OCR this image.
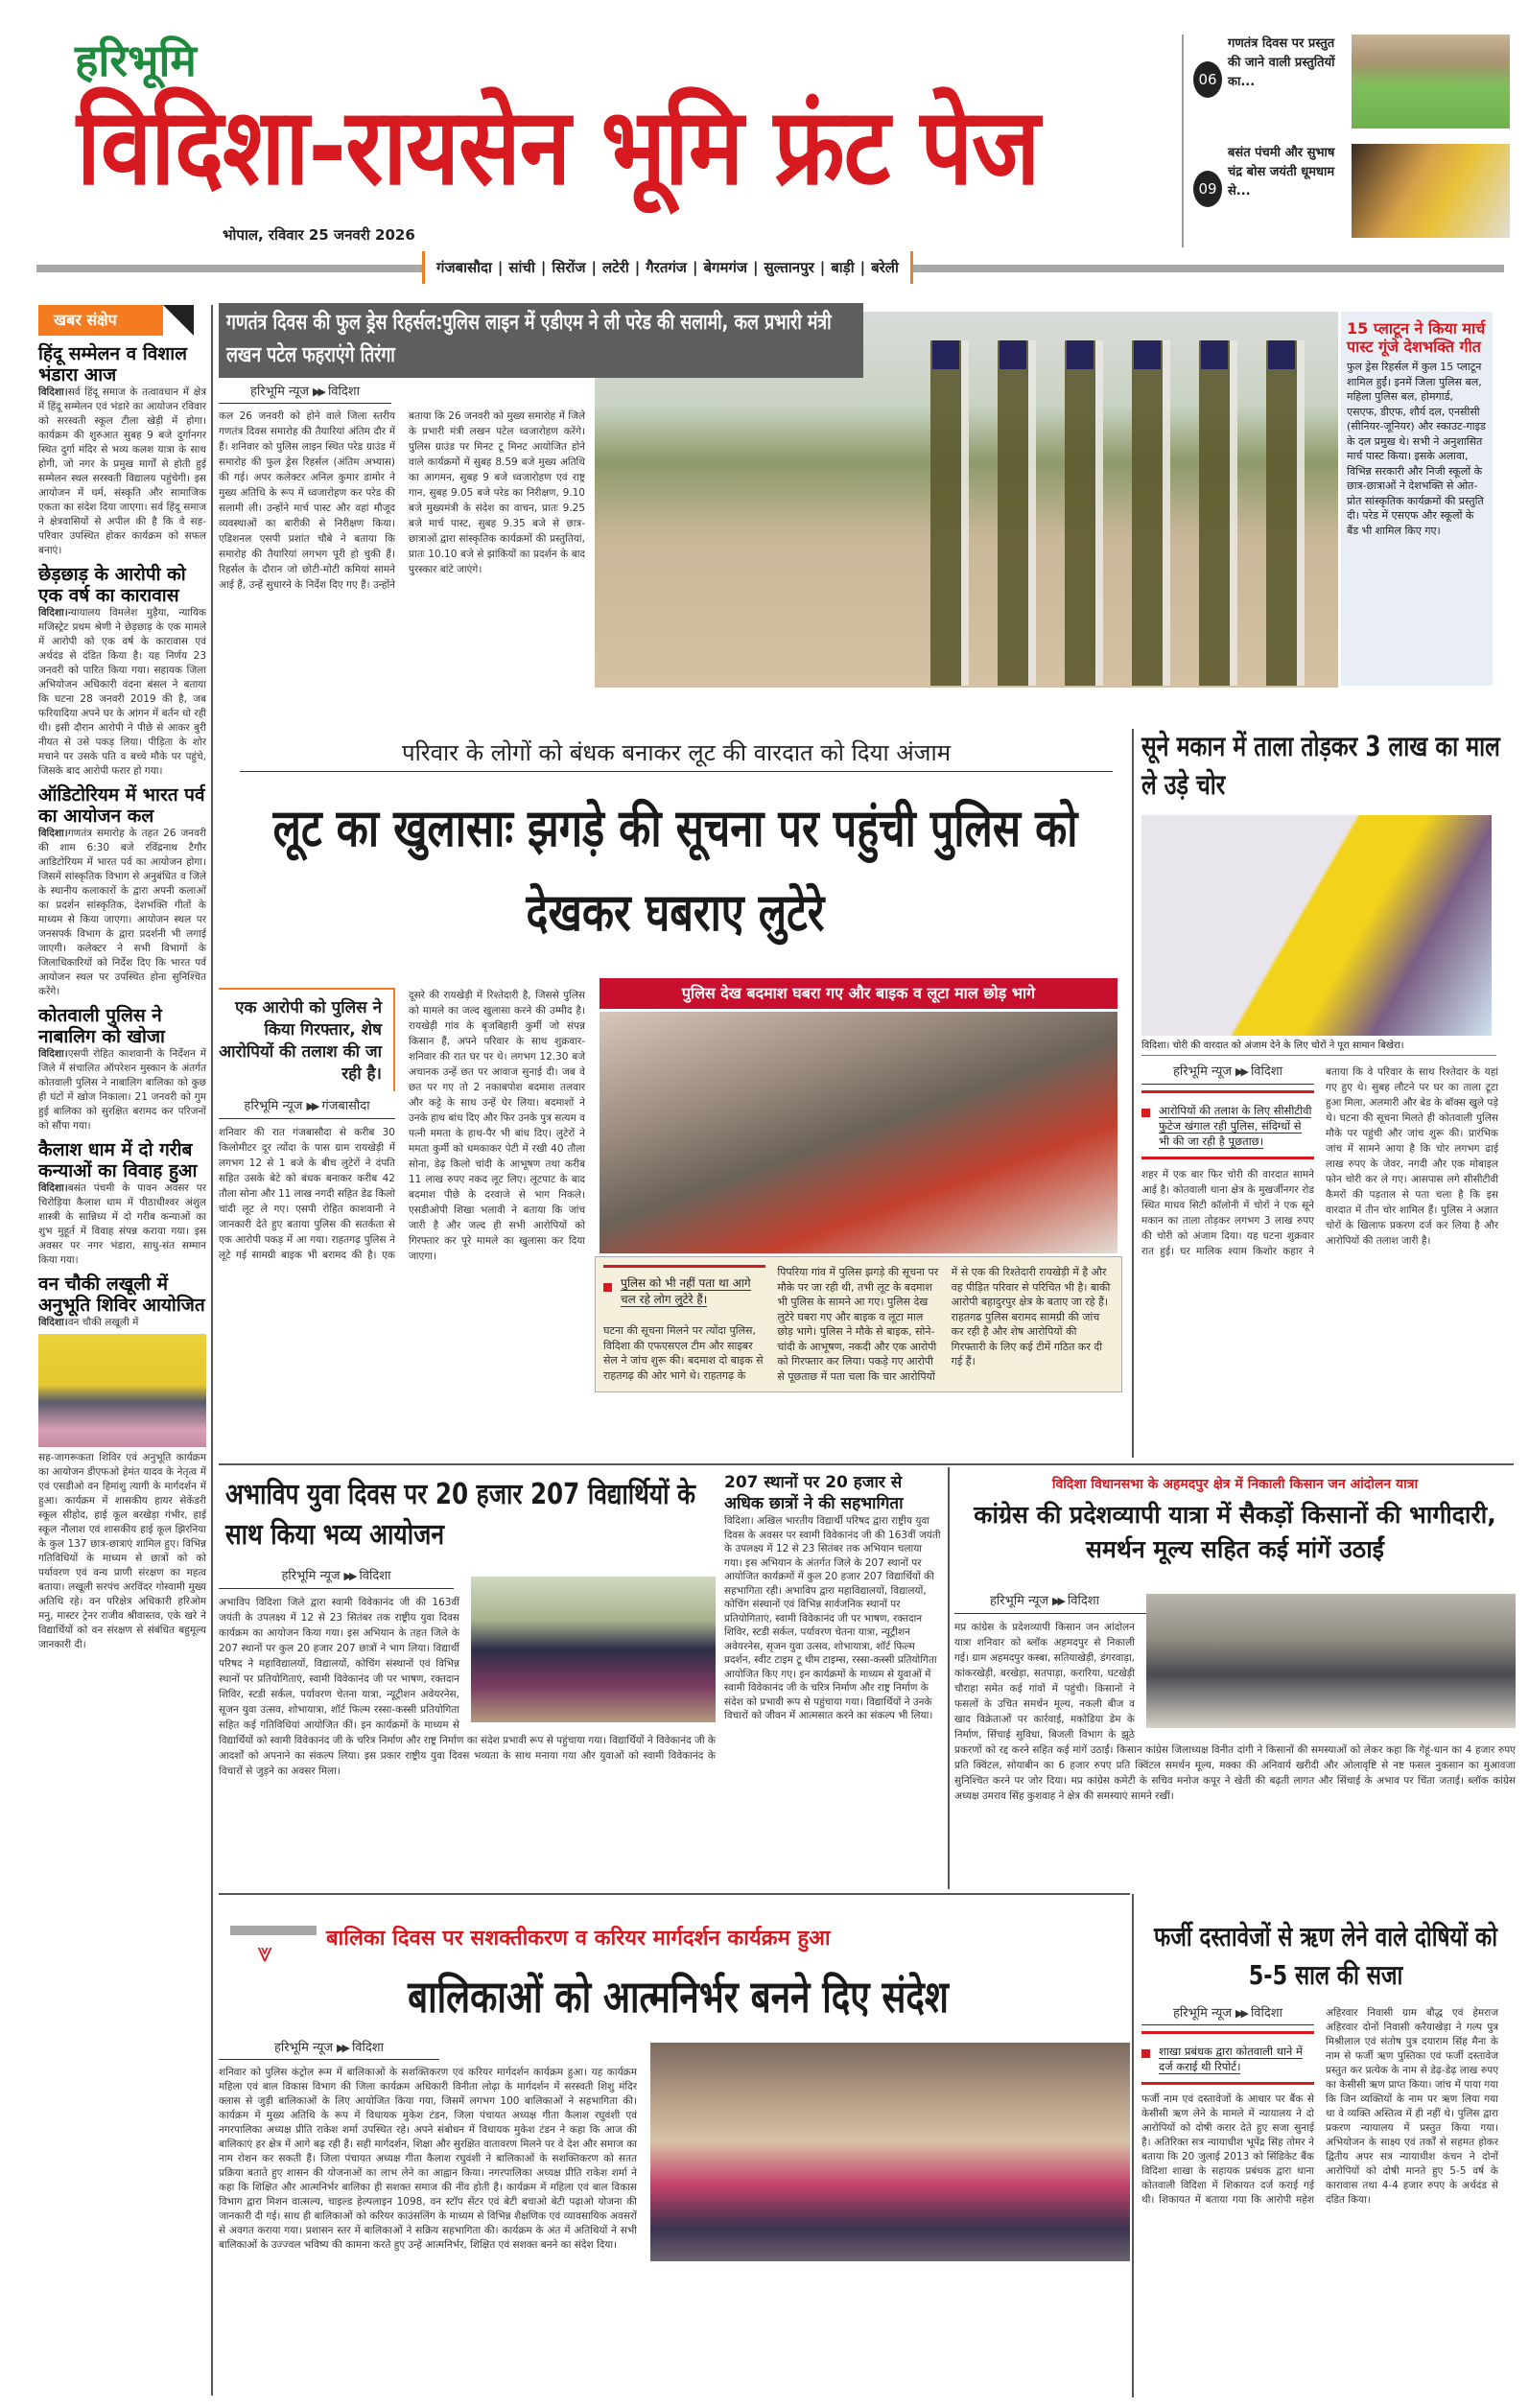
हरिभूमि
विदिशा-रायसेन भूमि फ्रंट पेज
भोपाल, रविवार 25 जनवरी 2026
गंजबासौदा | सांची | सिरोंज | लटेरी | गैरतगंज | बेगमगंज | सुल्तानपुर | बाड़ी | बरेली
06
गणतंत्र दिवस पर प्रस्तुत की जाने वाली प्रस्तुतियों का...
09
बसंत पंचमी और सुभाष चंद्र बोस जयंती धूमधाम से...
खबर संक्षेप
हिंदू सम्मेलन व विशाल भंडारा आज

विदिशा।सर्व हिंदू समाज के तत्वावधान में क्षेत्र में हिंदू सम्मेलन एवं भंडारे का आयोजन रविवार को सरस्वती स्कूल टीला खेड़ी में होगा। कार्यक्रम की शुरुआत सुबह 9 बजे दुर्गानगर स्थित दुर्गा मंदिर से भव्य कलश यात्रा के साथ होगी, जो नगर के प्रमुख मार्गों से होती हुई सम्मेलन स्थल सरस्वती विद्यालय पहुंचेगी। इस आयोजन में धर्म, संस्कृति और सामाजिक एकता का संदेश दिया जाएगा। सर्व हिंदू समाज ने क्षेत्रवासियों से अपील की है कि वे सह-परिवार उपस्थित होकर कार्यक्रम को सफल बनाएं।

छेड़छाड़ के आरोपी को एक वर्ष का कारावास

विदिशा।न्यायालय विमलेश मुड़ैया, न्यायिक मजिस्ट्रेट प्रथम श्रेणी ने छेड़छाड़ के एक मामले में आरोपी को एक वर्ष के कारावास एवं अर्थदंड से दंडित किया है। यह निर्णय 23 जनवरी को पारित किया गया। सहायक जिला अभियोजन अधिकारी वंदना बंसल ने बताया कि घटना 28 जनवरी 2019 की है, जब फरियादिया अपने घर के आंगन में बर्तन धो रही थी। इसी दौरान आरोपी ने पीछे से आकर बुरी नीयत से उसे पकड़ लिया। पीड़िता के शोर मचाने पर उसके पति व बच्चे मौके पर पहुंचे, जिसके बाद आरोपी फरार हो गया।

ऑडिटोरियम में भारत पर्व का आयोजन कल

विदिशा।गणतंत्र समारोह के तहत 26 जनवरी की शाम 6:30 बजे रविंद्रनाथ टैगौर आडिटोरियम में भारत पर्व का आयोजन होगा। जिसमें सांस्कृतिक विभाग से अनुबंधित व जिले के स्थानीय कलाकारों के द्वारा अपनी कलाओं का प्रदर्शन सांस्कृतिक, देशभक्ति गीतों के माध्यम से किया जाएगा। आयोजन स्थल पर जनसपर्क विभाग के द्वारा प्रदर्शनी भी लगाई जाएगी। कलेक्टर ने सभी विभागों के जिलाधिकारियों को निर्देश दिए कि भारत पर्व आयोजन स्थल पर उपस्थित होना सुनिश्चित करेंगे।

कोतवाली पुलिस ने नाबालिग को खोजा

विदिशा।एसपी रोहित काशवानी के निर्देशन में जिले में संचालित ऑपरेशन मुस्कान के अंतर्गत कोतवाली पुलिस ने नाबालिग बालिका को कुछ ही घंटों में खोज निकाला। 21 जनवरी को गुम हुई बालिका को सुरक्षित बरामद कर परिजनों को सौंपा गया।

कैलाश धाम में दो गरीब कन्याओं का विवाह हुआ

विदिशा।बसंत पंचमी के पावन अवसर पर चिरोड़िया कैलाश धाम में पीठाधीश्वर अंशुल शास्त्री के सान्निध्य में दो गरीब कन्याओं का शुभ मुहूर्त में विवाह संपन्न कराया गया। इस अवसर पर नगर भंडारा, साधु-संत सम्मान किया गया।

वन चौकी लखूली में अनुभूति शिविर आयोजित

विदिशा।वन चौकी लखूली में

सह-जागरूकता शिविर एवं अनुभूति कार्यक्रम का आयोजन डीएफओ हेमंत यादव के नेतृत्व में एवं एसडीओ वन हिमांशु त्यागी के मार्गदर्शन में हुआ। कार्यक्रम में शासकीय हायर सेकेंडरी स्कूल सीहोद, हाई कूल बरखेड़ा गंभीर, हाई स्कूल नौलाश एवं शासकीय हाई कूल झिरनिया के कुल 137 छात्र-छात्राएं शामिल हुए। विभिन्न गतिविधियों के माध्यम से छात्रों को को पर्यावरण एवं वन्य प्राणी संरक्षण का महत्व बताया। लखूली सरपंच अरविंदर गोस्वामी मुख्य अतिथि रहे। वन परिक्षेत्र अधिकारी हरिओम मनु, मास्टर ट्रेनर राजीव श्रीवास्तव, एके खरे ने विद्यार्थियों को वन संरक्षण से संबंधित बहुमूल्य जानकारी दी।

गणतंत्र दिवस की फुल ड्रेस रिहर्सल:पुलिस लाइन में एडीएम ने ली परेड की सलामी, कल प्रभारी मंत्री लखन पटेल फहराएंगे तिरंगा
हरिभूमि न्यूज ▶▶ विदिशा
कल 26 जनवरी को होने वाले जिला स्तरीय गणतंत्र दिवस समारोह की तैयारियां अंतिम दौर में हैं। शनिवार को पुलिस लाइन स्थित परेड ग्राउंड में समारोह की फुल ड्रेस रिहर्सल (अंतिम अभ्यास) की गई। अपर कलेक्टर अनिल कुमार डामोर ने मुख्य अतिथि के रूप में ध्वजारोहण कर परेड की सलामी ली। उन्होंने मार्च पास्ट और वहां मौजूद व्यवस्थाओं का बारीकी से निरीक्षण किया। एडिशनल एसपी प्रशांत चौबे ने बताया कि समारोह की तैयारियां लगभग पूरी हो चुकी हैं। रिहर्सल के दौरान जो छोटी-मोटी कमियां सामने आई हैं, उन्हें सुधारने के निर्देश दिए गए हैं। उन्होंने बताया कि 26 जनवरी को मुख्य समारोह में जिले के प्रभारी मंत्री लखन पटेल ध्वजारोहण करेंगे। पुलिस ग्राउंड पर मिनट टू मिनट आयोजित होने वाले कार्यक्रमों में सुबह 8.59 बजे मुख्य अतिथि का आगमन, सुबह 9 बजे ध्वजारोहण एवं राष्ट्र गान, सुबह 9.05 बजे परेड का निरीक्षण, 9.10 बजे मुख्यमंत्री के संदेश का वाचन, प्रातः 9.25 बजे मार्च पास्ट, सुबह 9.35 बजे से छात्र-छात्राओं द्वारा सांस्कृतिक कार्यक्रमों की प्रस्तुतियां, प्रातः 10.10 बजे से झांकियों का प्रदर्शन के बाद पुरस्कार बांटे जाएंगे।
15 प्लाटून ने किया मार्च पास्ट गूंजे देशभक्ति गीत
फुल ड्रेस रिहर्सल में कुल 15 प्लाटून शामिल हुईं। इनमें जिला पुलिस बल, महिला पुलिस बल, होमगार्ड, एसएफ, डीएफ, शौर्य दल, एनसीसी (सीनियर-जूनियर) और स्काउट-गाइड के दल प्रमुख थे। सभी ने अनुशासित मार्च पास्ट किया। इसके अलावा, विभिन्न सरकारी और निजी स्कूलों के छात्र-छात्राओं ने देशभक्ति से ओत-प्रोत सांस्कृतिक कार्यक्रमों की प्रस्तुति दी। परेड में एसएफ और स्कूलों के बैंड भी शामिल किए गए।
परिवार के लोगों को बंधक बनाकर लूट की वारदात को दिया अंजाम
लूट का खुलासाः झगड़े की सूचना पर पहुंची पुलिस को देखकर घबराए लुटेरे
एक आरोपी को पुलिस ने किया गिरफ्तार, शेष आरोपियों की तलाश की जा रही है।
हरिभूमि न्यूज ▶▶ गंजबासौदा
शनिवार की रात गंजबासौदा से करीब 30 किलोमीटर दूर त्योंदा के पास ग्राम रायखेड़ी में लगभग 12 से 1 बजे के बीच लुटेरों ने दंपति सहित उसके बेटे को बंधक बनाकर करीब 42 तौला सोना और 11 लाख नगदी सहित डेढ किलो चांदी लूट ले गए। एसपी रोहित काशवानी ने जानकारी देते हुए बताया पुलिस की सतर्कता से एक आरोपी पकड़ में आ गया। राहतगढ़ पुलिस ने लूटे गई सामग्री बाइक भी बरामद की है। एक दूसरे की रायखेड़ी में रिश्तेदारी है, जिससे पुलिस को मामले का जल्द खुलासा करने की उम्मीद है। रायखेड़ी गांव के बृजबिहारी कुर्मी जो संपन्न किसान हैं, अपने परिवार के साथ शुक्रवार-शनिवार की रात घर पर थे। लगभग 12.30 बजे अचानक उन्हें छत पर आवाज सुनाई दी। जब वे छत पर गए तो 2 नकाबपोश बदमाश तलवार और कट्टे के साथ उन्हें घेर लिया। बदमाशों ने उनके हाथ बांध दिए और फिर उनके पुत्र सत्यम व पत्नी ममता के हाथ-पैर भी बांध दिए। लुटेरों ने ममता कुर्मी को धमकाकर पेटी में रखी 40 तौला सोना, डेढ़ किलो चांदी के आभूषण तथा करीब 11 लाख रुपए नकद लूट लिए। लूटपाट के बाद बदमाश पीछे के दरवाजे से भाग निकले। एसडीओपी शिखा भलावी ने बताया कि जांच जारी है और जल्द ही सभी आरोपियों को गिरफ्तार कर पूरे मामले का खुलासा कर दिया जाएगा।
पुलिस देख बदमाश घबरा गए और बाइक व लूटा माल छोड़ भागे
पुलिस को भी नहीं पता था आगे चल रहे लोग लुटेरे हैं।
घटना की सूचना मिलने पर त्योंदा पुलिस, विदिशा की एफएसएल टीम और साइबर सेल ने जांच शुरू की। बदमाश दो बाइक से राहतगढ़ की ओर भागे थे। राहतगढ़ के पिपरिया गांव में पुलिस झगड़े की सूचना पर मौके पर जा रही थी, तभी लूट के बदमाश भी पुलिस के सामने आ गए। पुलिस देख लुटेरे घबरा गए और बाइक व लूटा माल छोड़ भागे। पुलिस ने मौके से बाइक, सोने-चांदी के आभूषण, नकदी और एक आरोपी को गिरफ्तार कर लिया। पकड़े गए आरोपी से पूछताछ में पता चला कि चार आरोपियों में से एक की रिश्तेदारी रायखेड़ी में है और वह पीड़ित परिवार से परिचित भी है। बाकी आरोपी बहादुरपुर क्षेत्र के बताए जा रहे हैं। राहतगढ पुलिस बरामद सामग्री की जांच कर रही है और शेष आरोपियों की गिरफ्तारी के लिए कई टीमें गठित कर दी गई हैं।
सूने मकान में ताला तोड़कर 3 लाख का माल ले उड़े चोर
विदिशा। चोरी की वारदात को अंजाम देने के लिए चोरों ने पूरा सामान बिखेरा।
हरिभूमि न्यूज ▶▶ विदिशा
आरोपियों की तलाश के लिए सीसीटीवी फुटेज खंगाल रही पुलिस, संदिग्धों से भी की जा रही है पूछताछ।
शहर में एक बार फिर चोरी की वारदात सामने आई है। कोतवाली थाना क्षेत्र के मुखर्जीनगर रोड स्थित माधव सिटी कॉलोनी में चोरों ने एक सूने मकान का ताला तोड़कर लगभग 3 लाख रुपए की चोरी को अंजाम दिया। यह घटना शुक्रवार रात हुई। घर मालिक श्याम किशोर कहार ने बताया कि वे परिवार के साथ रिश्तेदार के यहां गए हुए थे। सुबह लौटने पर घर का ताला टूटा हुआ मिला, अलमारी और बेड के बॉक्स खुले पड़े थे। घटना की सूचना मिलते ही कोतवाली पुलिस मौके पर पहुंची और जांच शुरू की। प्रारंभिक जांच में सामने आया है कि चोर लगभग ढाई लाख रुपए के जेवर, नगदी और एक मोबाइल फोन चोरी कर ले गए। आसपास लगे सीसीटीवी कैमरों की पड़ताल से पता चला है कि इस वारदात में तीन चोर शामिल हैं। पुलिस ने अज्ञात चोरों के खिलाफ प्रकरण दर्ज कर लिया है और आरोपियों की तलाश जारी है।
अभाविप युवा दिवस पर 20 हजार 207 विद्यार्थियों के साथ किया भव्य आयोजन
हरिभूमि न्यूज ▶▶ विदिशा
अभाविप विदिशा जिले द्वारा स्वामी विवेकानंद जी की 163वीं जयंती के उपलक्ष्य में 12 से 23 सितंबर तक राष्ट्रीय युवा दिवस कार्यक्रम का आयोजन किया गया। इस अभियान के तहत जिले के 207 स्थानों पर कुल 20 हजार 207 छात्रों ने भाग लिया। विद्यार्थी परिषद ने महाविद्यालयों, विद्यालयों, कोचिंग संस्थानों एवं विभिन्न स्थानों पर प्रतियोगिताएं, स्वामी विवेकानंद जी पर भाषण, रक्तदान शिविर, स्टडी सर्कल, पर्यावरण चेतना यात्रा, न्यूट्रीशन अवेयरनेस, सूजन युवा उत्सव, शोभायात्रा, शॉर्ट फिल्म रस्सा-कस्सी प्रतियोगिता सहित कई गतिविधियां आयोजित कीं। इन कार्यक्रमों के माध्यम से विद्यार्थियों को स्वामी विवेकानंद जी के चरित्र निर्माण और राष्ट्र निर्माण का संदेश प्रभावी रूप से पहुंचाया गया। विद्यार्थियों ने विवेकानंद जी के आदर्शों को अपनाने का संकल्प लिया। इस प्रकार राष्ट्रीय युवा दिवस भव्यता के साथ मनाया गया और युवाओं को स्वामी विवेकानंद के विचारों से जुड़ने का अवसर मिला।
207 स्थानों पर 20 हजार से अधिक छात्रों ने की सहभागिता
विदिशा। अखिल भारतीय विद्यार्थी परिषद द्वारा राष्ट्रीय युवा दिवस के अवसर पर स्वामी विवेकानंद जी की 163वीं जयंती के उपलक्ष्य में 12 से 23 सितंबर तक अभियान चलाया गया। इस अभियान के अंतर्गत जिले के 207 स्थानों पर आयोजित कार्यक्रमों में कुल 20 हजार 207 विद्यार्थियों की सहभागिता रही। अभाविप द्वारा महाविद्यालयों, विद्यालयों, कोचिंग संस्थानों एवं विभिन्न सार्वजनिक स्थानों पर प्रतियोगिताएं, स्वामी विवेकानंद जी पर भाषण, रक्तदान शिविर, स्टडी सर्कल, पर्यावरण चेतना यात्रा, न्यूट्रीशन अवेयरनेस, सृजन युवा उत्सव, शोभायात्रा, शॉर्ट फिल्म प्रदर्शन, स्वीट टाइम टू थीम टाइम्स, रस्सा-कस्सी प्रतियोगिता आयोजित किए गए। इन कार्यक्रमों के माध्यम से युवाओं में स्वामी विवेकानंद जी के चरित्र निर्माण और राष्ट्र निर्माण के संदेश को प्रभावी रूप से पहुंचाया गया। विद्यार्थियों ने उनके विचारों को जीवन में आत्मसात करने का संकल्प भी लिया।
विदिशा विधानसभा के अहमदपुर क्षेत्र में निकाली किसान जन आंदोलन यात्रा
कांग्रेस की प्रदेशव्यापी यात्रा में सैकड़ों किसानों की भागीदारी, समर्थन मूल्य सहित कई मांगें उठाईं
हरिभूमि न्यूज ▶▶ विदिशा
मप्र कांग्रेस के प्रदेशव्यापी किसान जन आंदोलन यात्रा शनिवार को ब्लॉक अहमदपुर से निकाली गई। ग्राम अहमदपुर कस्बा, सतियाखेड़ी, डंगरवाड़ा, कांकरखेड़ी, बरखेड़ा, सतपाड़ा, करारिया, घटखेड़ी चौराहा समेत कई गांवों में पहुंची। किसानों ने फसलों के उचित समर्थन मूल्य, नकली बीज व खाद विक्रेताओं पर कार्रवाई, मकोडिया डेम के निर्माण, सिंचाई सुविधा, बिजली विभाग के झूठे प्रकरणों को रद्द करने सहित कई मांगें उठाईं। किसान कांग्रेस जिलाध्यक्ष विनीत दांगी ने किसानों की समस्याओं को लेकर कहा कि गेहूं-धान का 4 हजार रुपए प्रति क्विंटल, सोयाबीन का 6 हजार रुपए प्रति क्विंटल समर्थन मूल्य, मक्का की अनिवार्य खरीदी और ओलावृष्टि से नष्ट फसल नुकसान का मुआवजा सुनिश्चित करने पर जोर दिया। मप्र कांग्रेस कमेटी के सचिव मनोज कपूर ने खेती की बढ़ती लागत और सिंचाई के अभाव पर चिंता जताई। ब्लॉक कांग्रेस अध्यक्ष उमराव सिंह कुशवाह ने क्षेत्र की समस्याएं सामने रखीं।
⩔	बालिका दिवस पर सशक्तीकरण व करियर मार्गदर्शन कार्यक्रम हुआ
बालिकाओं को आत्मनिर्भर बनने दिए संदेश
हरिभूमि न्यूज ▶▶ विदिशा
शनिवार को पुलिस कंट्रोल रूम में बालिकाओं के सशक्तिकरण एवं करियर मार्गदर्शन कार्यक्रम हुआ। यह कार्यक्रम महिला एवं बाल विकास विभाग की जिला कार्यक्रम अधिकारी विनीता लोढ़ा के मार्गदर्शन में सरस्वती शिशु मंदिर क्लास से जुड़ी बालिकाओं के लिए आयोजित किया गया, जिसमें लगभग 100 बालिकाओं ने सहभागिता की। कार्यक्रम में मुख्य अतिथि के रूप में विधायक मुकेश टंडन, जिला पंचायत अध्यक्ष गीता कैलाश रघुवंशी एवं नगरपालिका अध्यक्ष प्रीति राकेश शर्मा उपस्थित रहे। अपने संबोधन में विधायक मुकेश टंडन ने कहा कि आज की बालिकाएं हर क्षेत्र में आगे बढ़ रही हैं। सही मार्गदर्शन, शिक्षा और सुरक्षित वातावरण मिलने पर वे देश और समाज का नाम रोशन कर सकती हैं। जिला पंचायत अध्यक्ष गीता कैलाश रघुवंशी ने बालिकाओं के सशक्तिकरण को सतत प्रक्रिया बताते हुए शासन की योजनाओं का लाभ लेने का आह्वान किया। नगरपालिका अध्यक्ष प्रीति राकेश शर्मा ने कहा कि शिक्षित और आत्मनिर्भर बालिका ही सशक्त समाज की नींव होती है। कार्यक्रम में महिला एवं बाल विकास विभाग द्वारा मिशन वात्सल्य, चाइल्ड हेल्पलाइन 1098, वन स्टॉप सेंटर एवं बेटी बचाओ बेटी पढ़ाओ योजना की जानकारी दी गई। साथ ही बालिकाओं को करियर काउंसलिंग के माध्यम से विभिन्न शैक्षणिक एवं व्यावसायिक अवसरों से अवगत कराया गया। प्रशासन स्तर में बालिकाओं ने सक्रिय सहभागिता की। कार्यक्रम के अंत में अतिथियों ने सभी बालिकाओं के उज्ज्वल भविष्य की कामना करते हुए उन्हें आत्मनिर्भर, शिक्षित एवं सशक्त बनने का संदेश दिया।
फर्जी दस्तावेजों से ऋण लेने वाले दोषियों को 5-5 साल की सजा
हरिभूमि न्यूज ▶▶ विदिशा
शाखा प्रबंधक द्वारा कोतवाली थाने में दर्ज कराई थी रिपोर्ट।
फर्जी नाम एवं दस्तावेजों के आधार पर बैंक से केसीसी ऋण लेने के मामले में न्यायालय ने दो आरोपियों को दोषी करार देते हुए सजा सुनाई है। अतिरिक्त सत्र न्यायाधीश भूपेंद्र सिंह तोमर ने बताया कि 20 जुलाई 2013 को सिंडिकेट बैंक विदिशा शाखा के सहायक प्रबंधक द्वारा थाना कोतवाली विदिशा में शिकायत दर्ज कराई गई थी। शिकायत में बताया गया कि आरोपी महेश अहिरवार निवासी ग्राम बौद्ध एवं हेमराज अहिरवार दोनों निवासी करैयाखेड़ा ने गल्प पुत्र मिश्रीलाल एवं संतोष पुत्र दयाराम सिंह मैना के नाम से फर्जी ऋण पुस्तिका एवं फर्जी दस्तावेज प्रस्तुत कर प्रत्येक के नाम से डेढ़-डेढ़ लाख रुपए का केसीसी ऋण प्राप्त किया। जांच में पाया गया कि जिन व्यक्तियों के नाम पर ऋण लिया गया था वे व्यक्ति अस्तित्व में ही नहीं थे। पुलिस द्वारा प्रकरण न्यायालय में प्रस्तुत किया गया। अभियोजन के साक्ष्य एवं तर्कों से सहमत होकर द्वितीय अपर सत्र न्यायाधीश कंचन ने दोनों आरोपियों को दोषी मानते हुए 5-5 वर्ष के कारावास तथा 4-4 हजार रुपए के अर्थदंड से दंडित किया।
